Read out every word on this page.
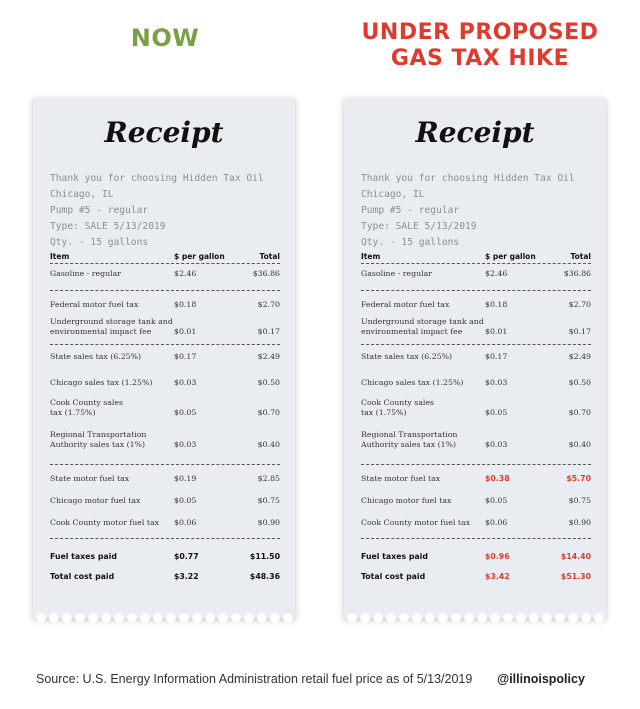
NOW	UNDER PROPOSED
GAS TAX HIKE
Receipt
Thank you for choosing Hidden Tax Oil
Chicago, IL
Pump #5 - regular
Type: SALE 5/13/2019
Qty. - 15 gallons
Item	$ per gallon	Total
Gasoline - regular	$2.46	$36.86
Federal motor fuel tax	$0.18	$2.70
Underground storage tank and environmental impact fee	$0.01	$0.17
State sales tax (6.25%)	$0.17	$2.49
Chicago sales tax (1.25%)	$0.03	$0.50
Cook County sales tax (1.75%)	$0.05	$0.70
Regional Transportation Authority sales tax (1%)	$0.03	$0.40
State motor fuel tax	$0.19	$2.85
Chicago motor fuel tax	$0.05	$0.75
Cook County motor fuel tax	$0.06	$0.90
Fuel taxes paid	$0.77	$11.50
Total cost paid	$3.22	$48.36
Receipt
Thank you for choosing Hidden Tax Oil
Chicago, IL
Pump #5 - regular
Type: SALE 5/13/2019
Qty. - 15 gallons
Item	$ per gallon	Total
Gasoline - regular	$2.46	$36.86
Federal motor fuel tax	$0.18	$2.70
Underground storage tank and environmental impact fee	$0.01	$0.17
State sales tax (6.25%)	$0.17	$2.49
Chicago sales tax (1.25%)	$0.03	$0.50
Cook County sales tax (1.75%)	$0.05	$0.70
Regional Transportation Authority sales tax (1%)	$0.03	$0.40
State motor fuel tax	$0.38	$5.70
Chicago motor fuel tax	$0.05	$0.75
Cook County motor fuel tax	$0.06	$0.90
Fuel taxes paid	$0.96	$14.40
Total cost paid	$3.42	$51.30
Source: U.S. Energy Information Administration retail fuel price as of 5/13/2019 @illinoispolicy
